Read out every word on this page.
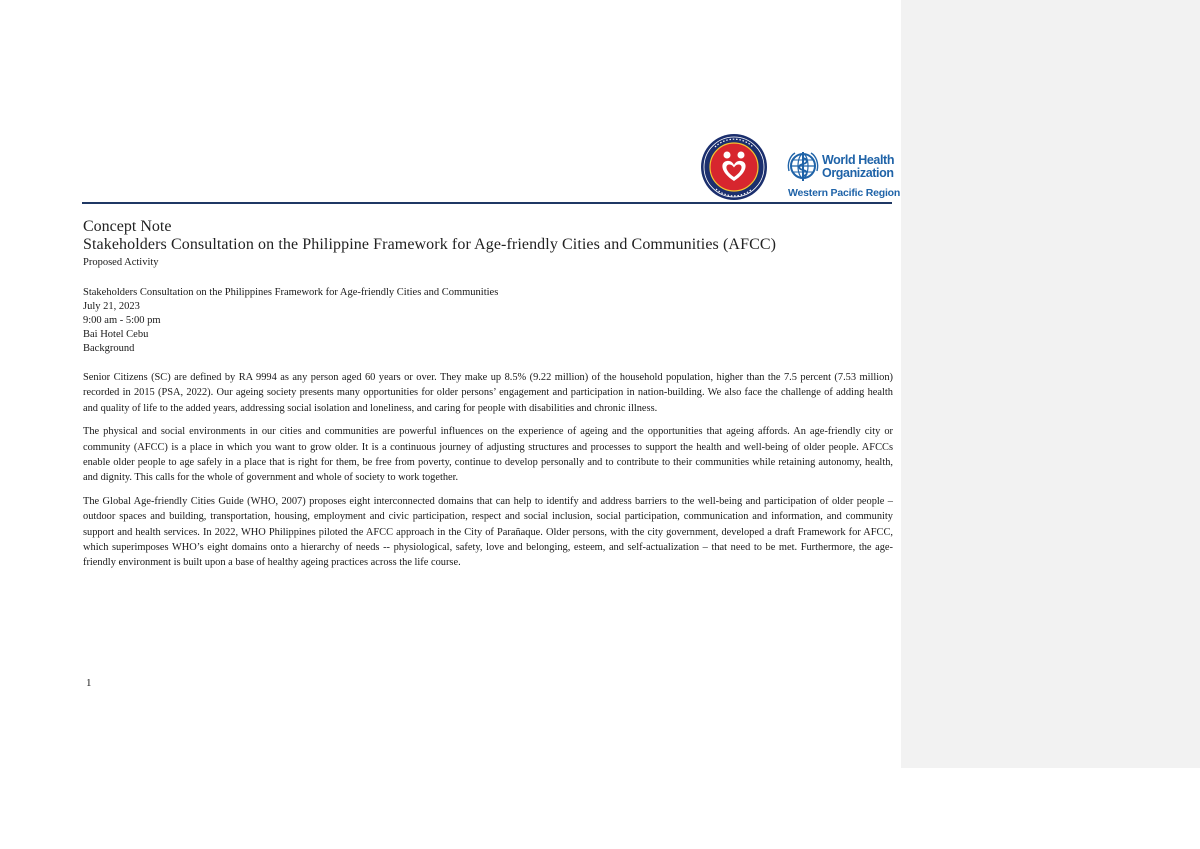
World Health
Organization
Western Pacific Region
Concept Note
Stakeholders Consultation on the Philippine Framework for Age-friendly Cities and Communities (AFCC)
Proposed Activity
Stakeholders Consultation on the Philippines Framework for Age-friendly Cities and Communities
July 21, 2023
9:00 am - 5:00 pm
Bai Hotel Cebu
Background

Senior Citizens (SC) are defined by RA 9994 as any person aged 60 years or over. They make up 8.5% (9.22 million) of the household population, higher than the 7.5 percent (7.53 million) recorded in 2015 (PSA, 2022). Our ageing society presents many opportunities for older persons’ engagement and participation in nation-building. We also face the challenge of adding health and quality of life to the added years, addressing social isolation and loneliness, and caring for people with disabilities and chronic illness.

The physical and social environments in our cities and communities are powerful influences on the experience of ageing and the opportunities that ageing affords. An age-friendly city or community (AFCC) is a place in which you want to grow older. It is a continuous journey of adjusting structures and processes to support the health and well-being of older people. AFCCs enable older people to age safely in a place that is right for them, be free from poverty, continue to develop personally and to contribute to their communities while retaining autonomy, health, and dignity. This calls for the whole of government and whole of society to work together.

The Global Age-friendly Cities Guide (WHO, 2007) proposes eight interconnected domains that can help to identify and address barriers to the well-being and participation of older people – outdoor spaces and building, transportation, housing, employment and civic participation, respect and social inclusion, social participation, communication and information, and community support and health services. In 2022, WHO Philippines piloted the AFCC approach in the City of Parañaque. Older persons, with the city government, developed a draft Framework for AFCC, which superimposes WHO’s eight domains onto a hierarchy of needs -- physiological, safety, love and belonging, esteem, and self-actualization – that need to be met. Furthermore, the age-friendly environment is built upon a base of healthy ageing practices across the life course.

1
